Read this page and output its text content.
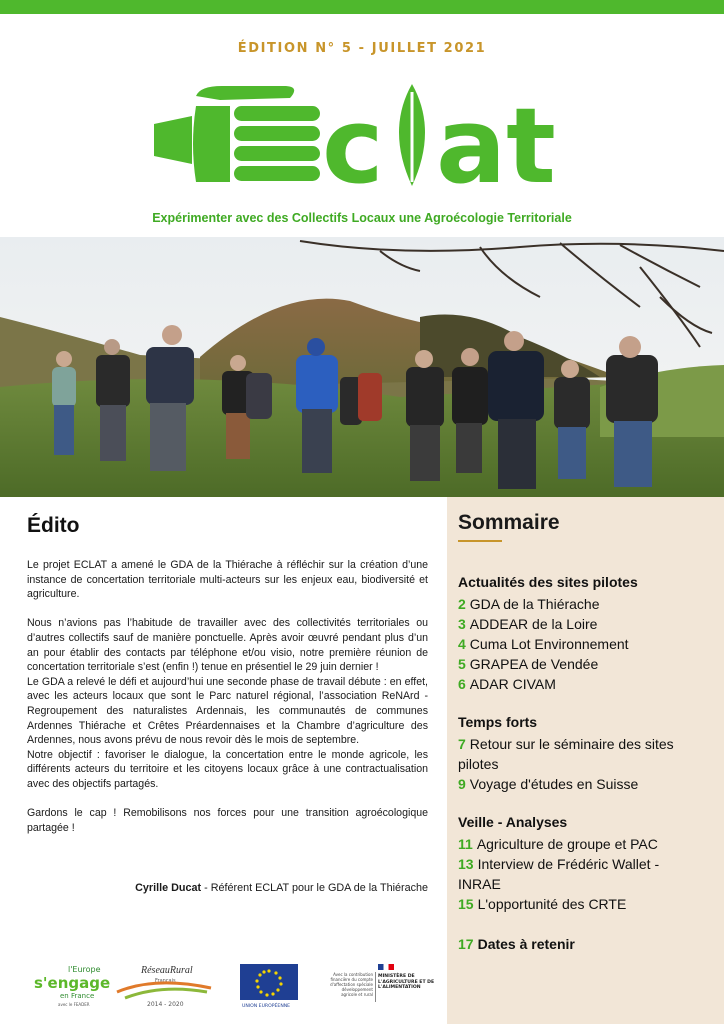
ÉDITION N° 5 - JUILLET 2021
c at
Expérimenter avec des Collectifs Locaux une Agroécologie Territoriale
Édito

Le projet ECLAT a amené le GDA de la Thiérache à réfléchir sur la création d’une instance de concertation territoriale multi-acteurs sur les enjeux eau, biodiversité et agriculture.

Nous n’avions pas l’habitude de travailler avec des collectivités territoriales ou d’autres collectifs sauf de manière ponctuelle. Après avoir œuvré pendant plus d’un an pour établir des contacts par téléphone et/ou visio, notre première réunion de concertation territoriale s’est (enfin !) tenue en présentiel le 29 juin dernier !

Le GDA a relevé le défi et aujourd’hui une seconde phase de travail débute : en effet, avec les acteurs locaux que sont le Parc naturel régional, l’association ReNArd - Regroupement des naturalistes Ardennais, les communautés de communes Ardennes Thiérache et Crêtes Préardennaises et la Chambre d’agriculture des Ardennes, nous avons prévu de nous revoir dès le mois de septembre.

Notre objectif : favoriser le dialogue, la concertation entre le monde agricole, les différents acteurs du territoire et les citoyens locaux grâce à une contractualisation avec des objectifs partagés.

Gardons le cap ! Remobilisons nos forces pour une transition agroécologique partagée !

Cyrille Ducat - Référent ECLAT pour le GDA de la Thiérache
Sommaire
Actualités des sites pilotes
2 GDA de la Thiérache
3 ADDEAR de la Loire
4 Cuma Lot Environnement
5 GRAPEA de Vendée
6 ADAR CIVAM
Temps forts
7 Retour sur le séminaire des sites pilotes
9 Voyage d'études en Suisse
Veille - Analyses
11 Agriculture de groupe et PAC
13 Interview de Frédéric Wallet - INRAE
15 L'opportunité des CRTE
17 Dates à retenir
l'Europe
s'engage
en France
avec le FEADER
RéseauRural
Français
2014 - 2020	UNION EUROPÉENNE
Avec la contribution financière du compte d'affectation spéciale développement agricole et rural
MINISTÈRE DE L'AGRICULTURE ET DE L'ALIMENTATION
